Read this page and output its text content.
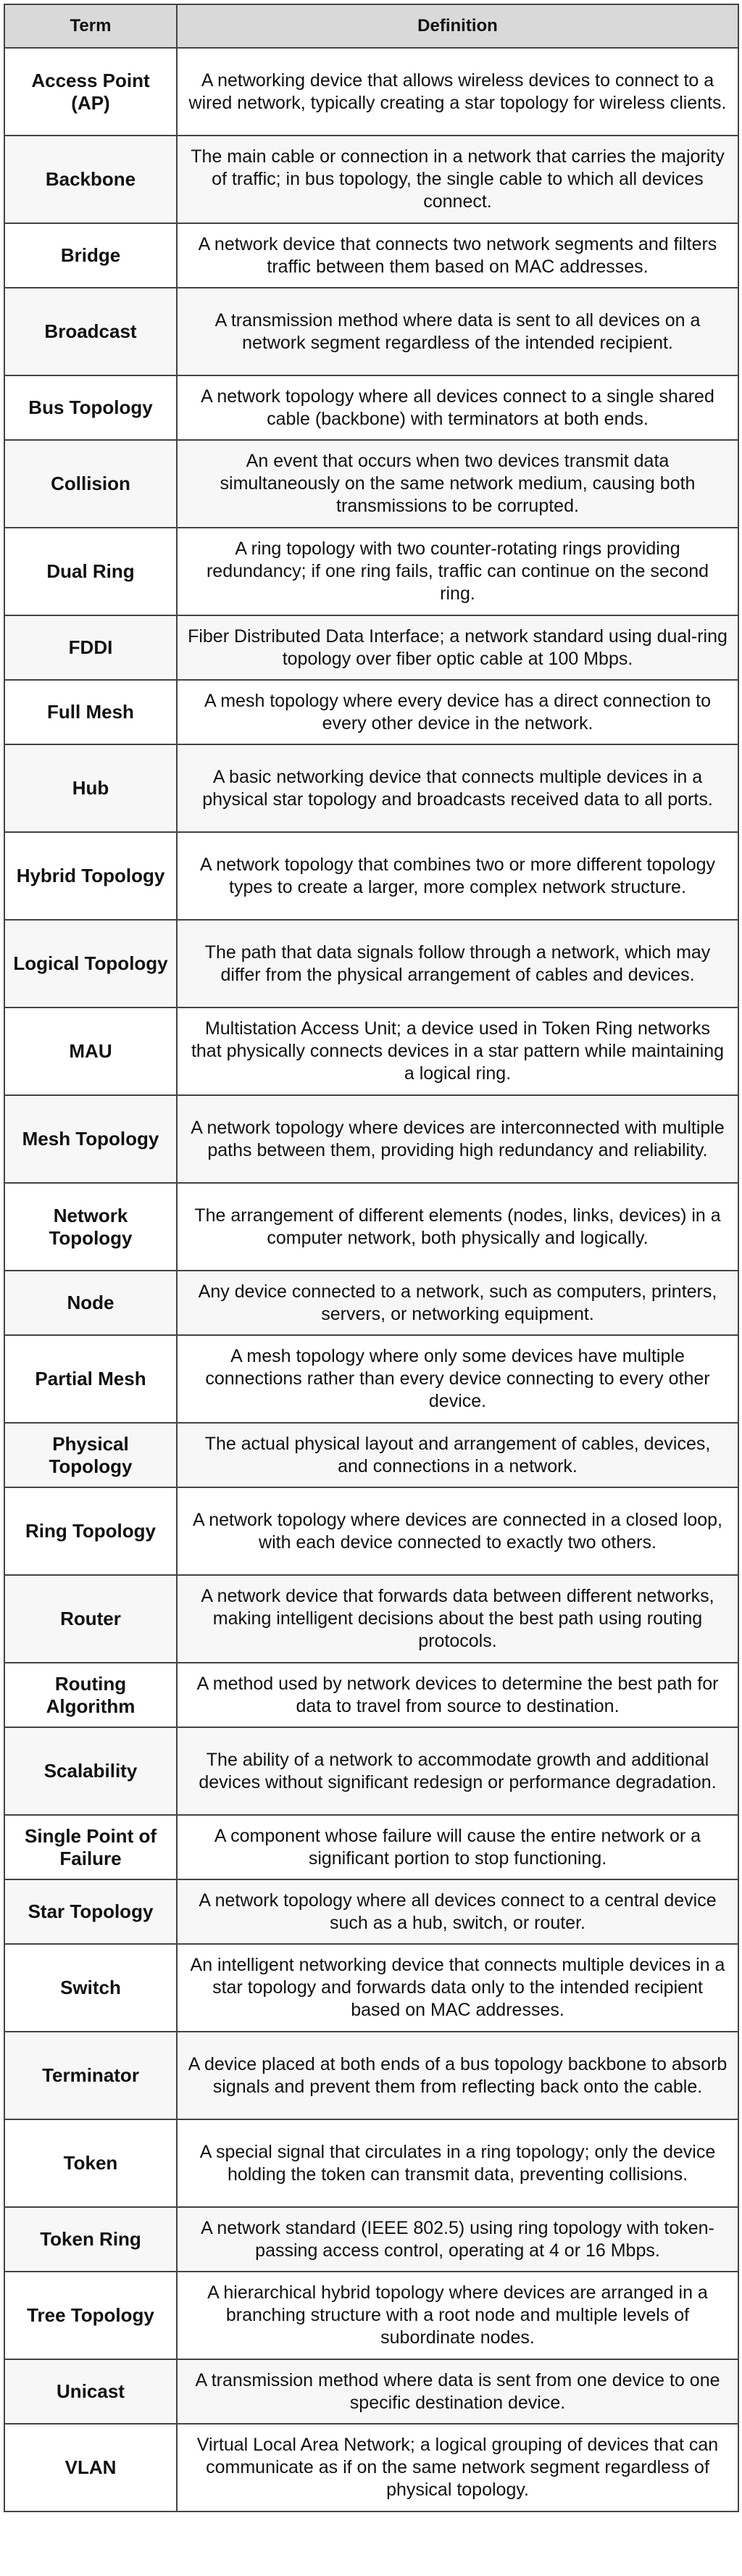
Term	Definition
Access Point (AP)	A networking device that allows wireless devices to connect to a wired network, typically creating a star topology for wireless clients.
Backbone	The main cable or connection in a network that carries the majority of traffic; in bus topology, the single cable to which all devices connect.
Bridge	A network device that connects two network segments and filters traffic between them based on MAC addresses.
Broadcast	A transmission method where data is sent to all devices on a network segment regardless of the intended recipient.
Bus Topology	A network topology where all devices connect to a single shared cable (backbone) with terminators at both ends.
Collision	An event that occurs when two devices transmit data simultaneously on the same network medium, causing both transmissions to be corrupted.
Dual Ring	A ring topology with two counter-rotating rings providing redundancy; if one ring fails, traffic can continue on the second ring.
FDDI	Fiber Distributed Data Interface; a network standard using dual-ring topology over fiber optic cable at 100 Mbps.
Full Mesh	A mesh topology where every device has a direct connection to every other device in the network.
Hub	A basic networking device that connects multiple devices in a physical star topology and broadcasts received data to all ports.
Hybrid Topology	A network topology that combines two or more different topology types to create a larger, more complex network structure.
Logical Topology	The path that data signals follow through a network, which may differ from the physical arrangement of cables and devices.
MAU	Multistation Access Unit; a device used in Token Ring networks that physically connects devices in a star pattern while maintaining a logical ring.
Mesh Topology	A network topology where devices are interconnected with multiple paths between them, providing high redundancy and reliability.
Network Topology	The arrangement of different elements (nodes, links, devices) in a computer network, both physically and logically.
Node	Any device connected to a network, such as computers, printers, servers, or networking equipment.
Partial Mesh	A mesh topology where only some devices have multiple connections rather than every device connecting to every other device.
Physical Topology	The actual physical layout and arrangement of cables, devices, and connections in a network.
Ring Topology	A network topology where devices are connected in a closed loop, with each device connected to exactly two others.
Router	A network device that forwards data between different networks, making intelligent decisions about the best path using routing protocols.
Routing Algorithm	A method used by network devices to determine the best path for data to travel from source to destination.
Scalability	The ability of a network to accommodate growth and additional devices without significant redesign or performance degradation.
Single Point of Failure	A component whose failure will cause the entire network or a significant portion to stop functioning.
Star Topology	A network topology where all devices connect to a central device such as a hub, switch, or router.
Switch	An intelligent networking device that connects multiple devices in a star topology and forwards data only to the intended recipient based on MAC addresses.
Terminator	A device placed at both ends of a bus topology backbone to absorb signals and prevent them from reflecting back onto the cable.
Token	A special signal that circulates in a ring topology; only the device holding the token can transmit data, preventing collisions.
Token Ring	A network standard (IEEE 802.5) using ring topology with token-passing access control, operating at 4 or 16 Mbps.
Tree Topology	A hierarchical hybrid topology where devices are arranged in a branching structure with a root node and multiple levels of subordinate nodes.
Unicast	A transmission method where data is sent from one device to one specific destination device.
VLAN	Virtual Local Area Network; a logical grouping of devices that can communicate as if on the same network segment regardless of physical topology.
